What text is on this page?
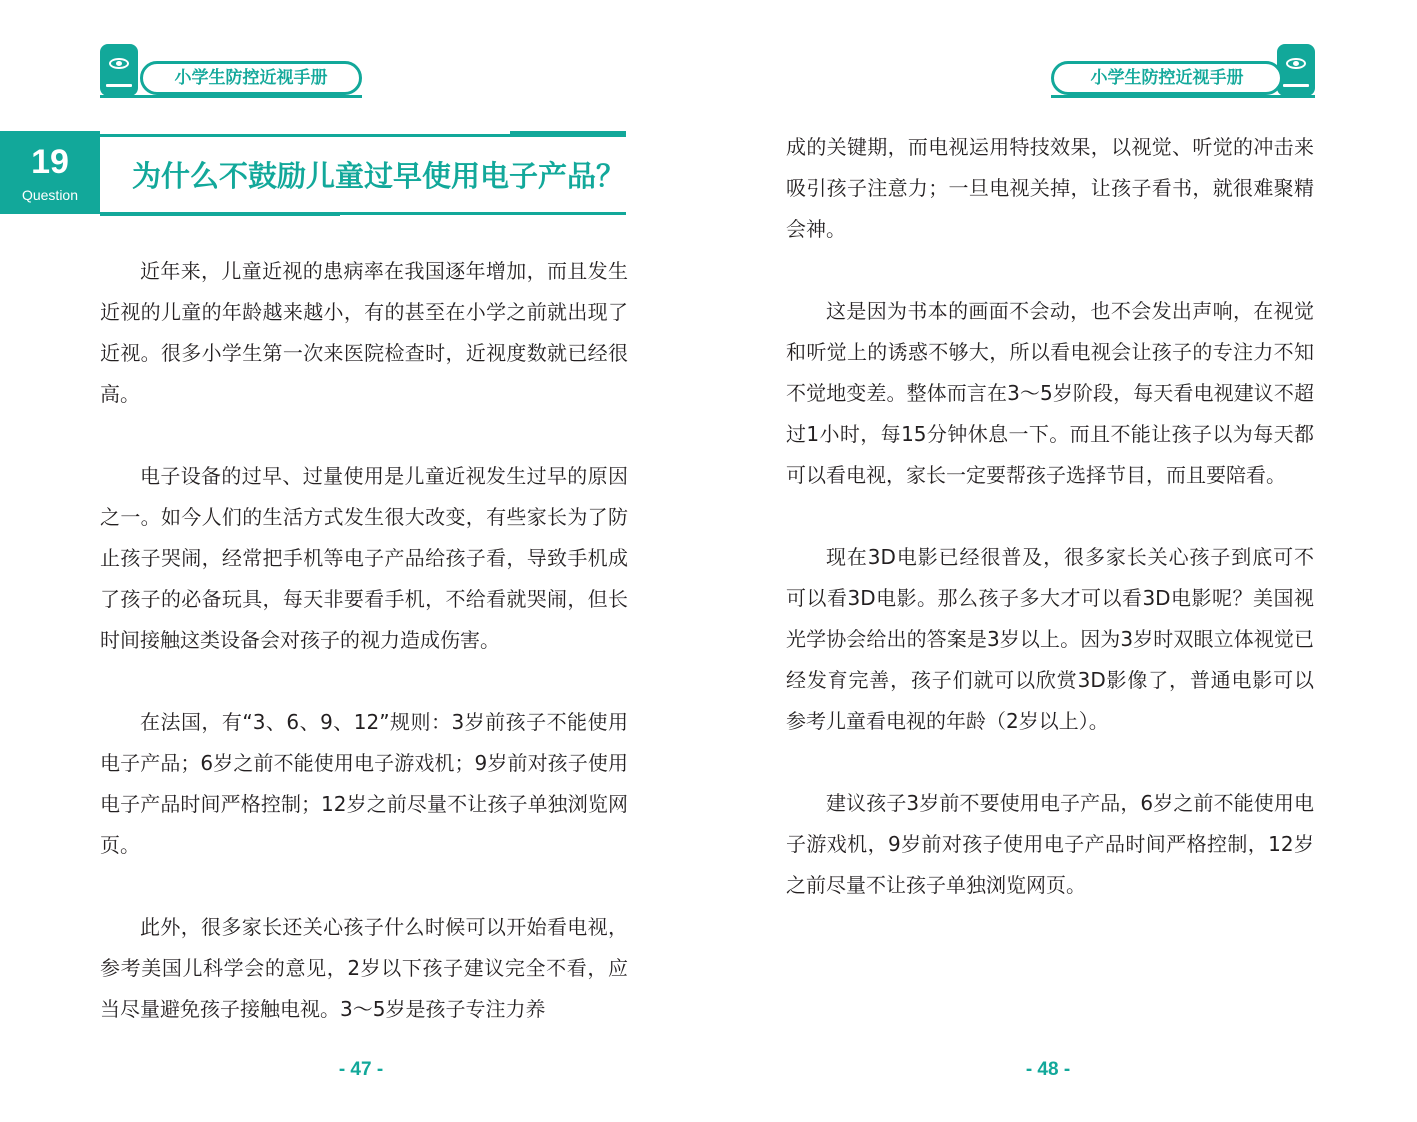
小学生防控近视手册
19
Question
为什么不鼓励儿童过早使用电子产品？

近年来，儿童近视的患病率在我国逐年增加，而且发生近视的儿童的年龄越来越小，有的甚至在小学之前就出现了近视。很多小学生第一次来医院检查时，近视度数就已经很高。

电子设备的过早、过量使用是儿童近视发生过早的原因之一。如今人们的生活方式发生很大改变，有些家长为了防止孩子哭闹，经常把手机等电子产品给孩子看，导致手机成了孩子的必备玩具，每天非要看手机，不给看就哭闹，但长时间接触这类设备会对孩子的视力造成伤害。

在法国，有“3、6、9、12”规则：3岁前孩子不能使用电子产品；6岁之前不能使用电子游戏机；9岁前对孩子使用电子产品时间严格控制；12岁之前尽量不让孩子单独浏览网页。

此外，很多家长还关心孩子什么时候可以开始看电视，参考美国儿科学会的意见，2岁以下孩子建议完全不看，应当尽量避免孩子接触电视。3～5岁是孩子专注力养

- 47 -
小学生防控近视手册

成的关键期，而电视运用特技效果，以视觉、听觉的冲击来吸引孩子注意力；一旦电视关掉，让孩子看书，就很难聚精会神。

这是因为书本的画面不会动，也不会发出声响，在视觉和听觉上的诱惑不够大，所以看电视会让孩子的专注力不知不觉地变差。整体而言在3～5岁阶段，每天看电视建议不超过1小时，每15分钟休息一下。而且不能让孩子以为每天都可以看电视，家长一定要帮孩子选择节目，而且要陪看。

现在3D电影已经很普及，很多家长关心孩子到底可不可以看3D电影。那么孩子多大才可以看3D电影呢？美国视光学协会给出的答案是3岁以上。因为3岁时双眼立体视觉已经发育完善，孩子们就可以欣赏3D影像了，普通电影可以参考儿童看电视的年龄（2岁以上）。

建议孩子3岁前不要使用电子产品，6岁之前不能使用电子游戏机，9岁前对孩子使用电子产品时间严格控制，12岁之前尽量不让孩子单独浏览网页。

- 48 -
